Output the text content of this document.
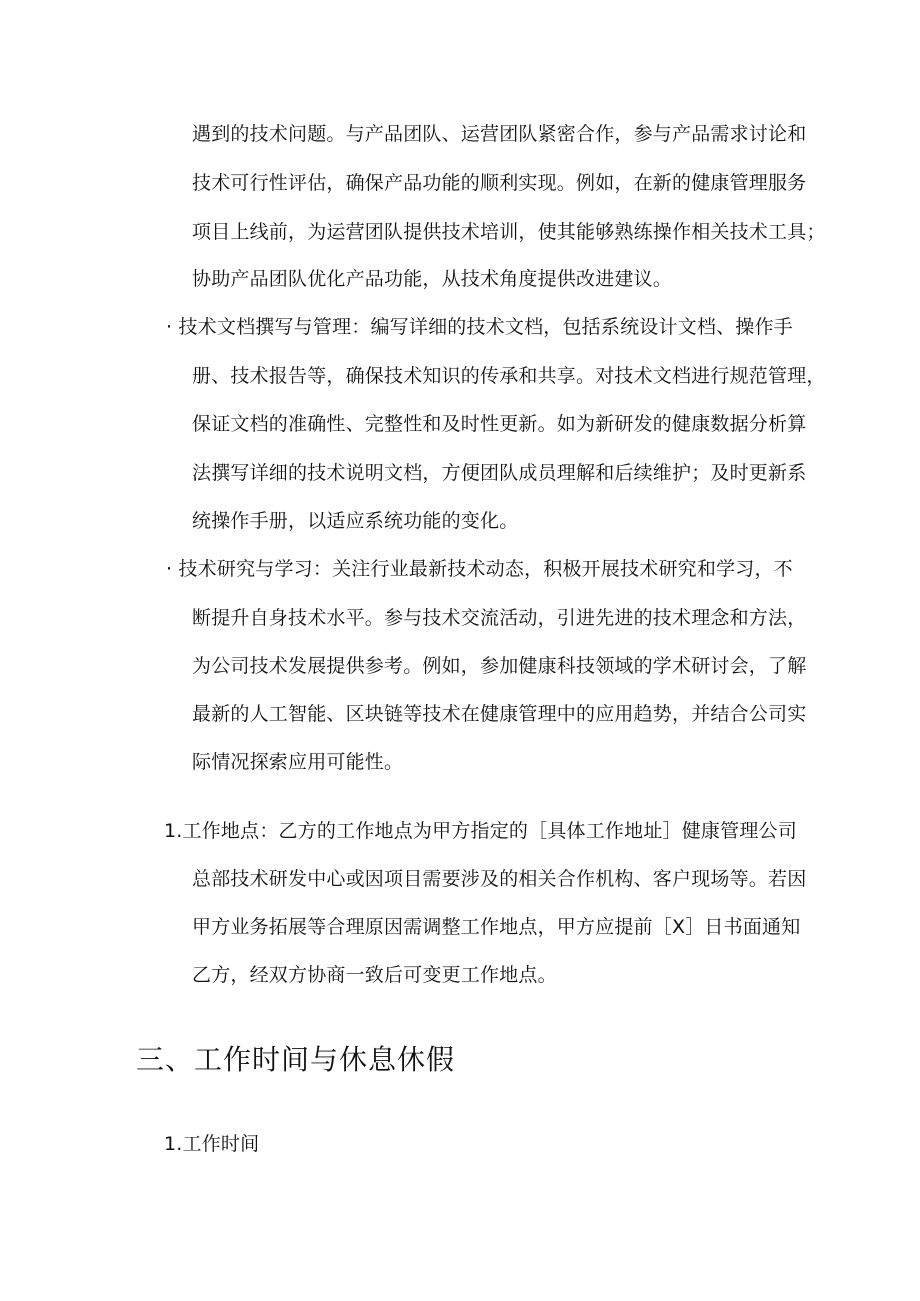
遇到的技术问题。与产品团队、运营团队紧密合作，参与产品需求讨论和
技术可行性评估，确保产品功能的顺利实现。例如，在新的健康管理服务
项目上线前，为运营团队提供技术培训，使其能够熟练操作相关技术工具；
协助产品团队优化产品功能，从技术角度提供改进建议。
· 技术文档撰写与管理：编写详细的技术文档，包括系统设计文档、操作手
册、技术报告等，确保技术知识的传承和共享。对技术文档进行规范管理，
保证文档的准确性、完整性和及时性更新。如为新研发的健康数据分析算
法撰写详细的技术说明文档，方便团队成员理解和后续维护；及时更新系
统操作手册，以适应系统功能的变化。
· 技术研究与学习：关注行业最新技术动态，积极开展技术研究和学习，不
断提升自身技术水平。参与技术交流活动，引进先进的技术理念和方法，
为公司技术发展提供参考。例如，参加健康科技领域的学术研讨会，了解
最新的人工智能、区块链等技术在健康管理中的应用趋势，并结合公司实
际情况探索应用可能性。
1.工作地点：乙方的工作地点为甲方指定的［具体工作地址］健康管理公司
总部技术研发中心或因项目需要涉及的相关合作机构、客户现场等。若因
甲方业务拓展等合理原因需调整工作地点，甲方应提前［X］日书面通知
乙方，经双方协商一致后可变更工作地点。
三、工作时间与休息休假
1.工作时间
